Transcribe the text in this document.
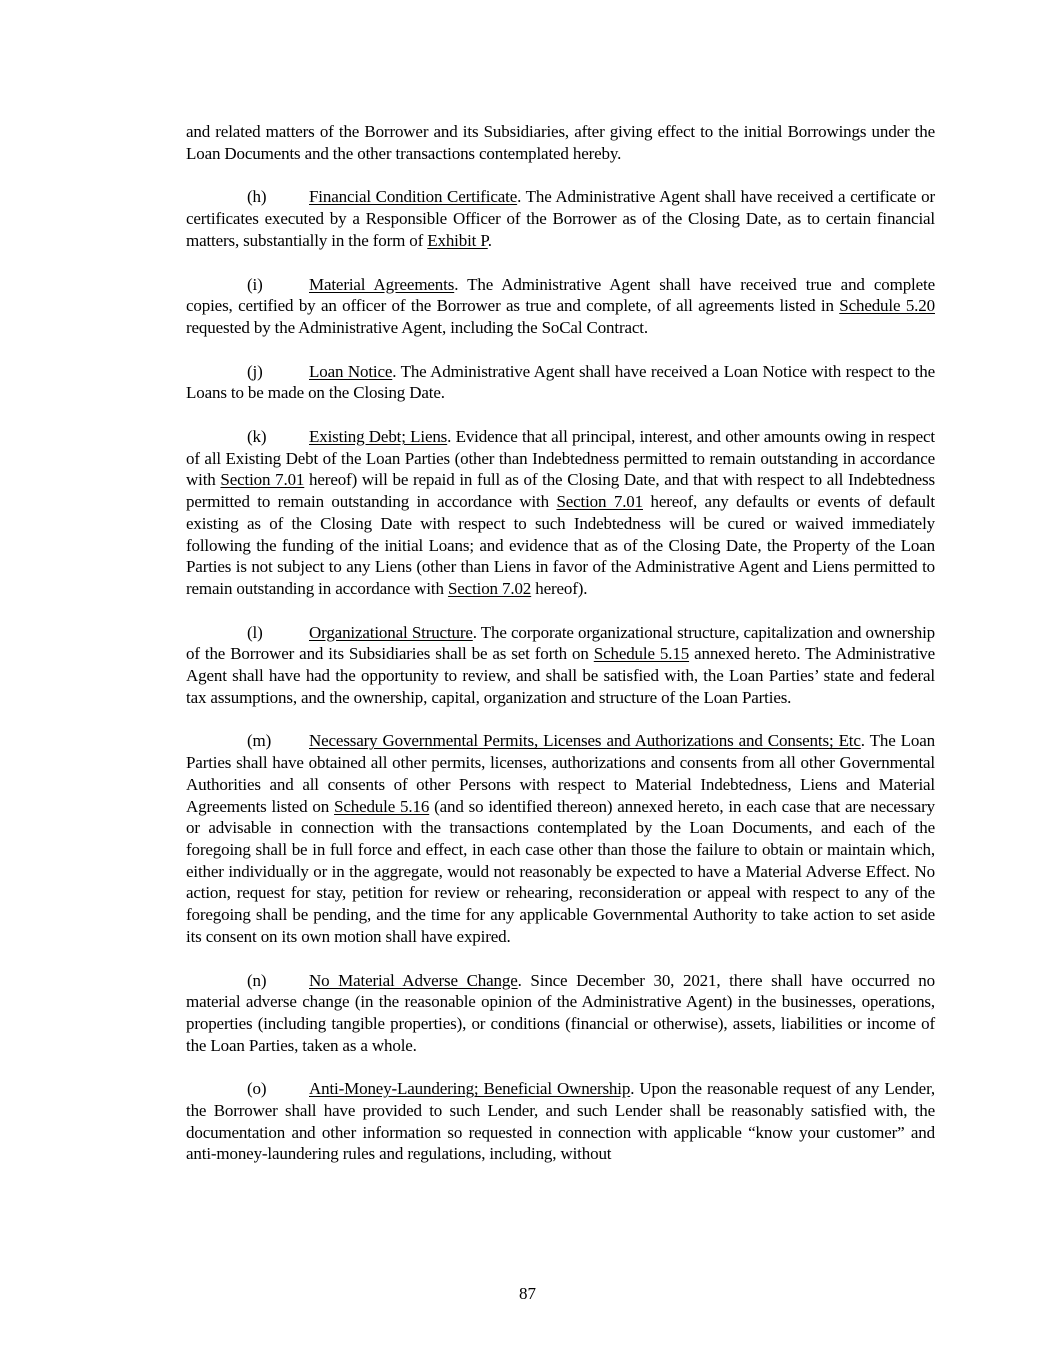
and related matters of the Borrower and its Subsidiaries, after giving effect to the initial Borrowings under the Loan Documents and the other transactions contemplated hereby.

(h)	Financial Condition Certificate. The Administrative Agent shall have received a certificate or certificates executed by a Responsible Officer of the Borrower as of the Closing Date, as to certain financial matters, substantially in the form of Exhibit P.

(i)	Material Agreements. The Administrative Agent shall have received true and complete copies, certified by an officer of the Borrower as true and complete, of all agreements listed in Schedule 5.20 requested by the Administrative Agent, including the SoCal Contract.

(j)	Loan Notice. The Administrative Agent shall have received a Loan Notice with respect to the Loans to be made on the Closing Date.

(k)	Existing Debt; Liens. Evidence that all principal, interest, and other amounts owing in respect of all Existing Debt of the Loan Parties (other than Indebtedness permitted to remain outstanding in accordance with Section 7.01 hereof) will be repaid in full as of the Closing Date, and that with respect to all Indebtedness permitted to remain outstanding in accordance with Section 7.01 hereof, any defaults or events of default existing as of the Closing Date with respect to such Indebtedness will be cured or waived immediately following the funding of the initial Loans; and evidence that as of the Closing Date, the Property of the Loan Parties is not subject to any Liens (other than Liens in favor of the Administrative Agent and Liens permitted to remain outstanding in accordance with Section 7.02 hereof).

(l)	Organizational Structure. The corporate organizational structure, capitalization and ownership of the Borrower and its Subsidiaries shall be as set forth on Schedule 5.15 annexed hereto. The Administrative Agent shall have had the opportunity to review, and shall be satisfied with, the Loan Parties’ state and federal tax assumptions, and the ownership, capital, organization and structure of the Loan Parties.

(m) Necessary Governmental Permits, Licenses and Authorizations and Consents; Etc. The Loan Parties shall have obtained all other permits, licenses, authorizations and consents from all other Governmental Authorities and all consents of other Persons with respect to Material Indebtedness, Liens and Material Agreements listed on Schedule 5.16 (and so identified thereon) annexed hereto, in each case that are necessary or advisable in connection with the transactions contemplated by the Loan Documents, and each of the foregoing shall be in full force and effect, in each case other than those the failure to obtain or maintain which, either individually or in the aggregate, would not reasonably be expected to have a Material Adverse Effect. No action, request for stay, petition for review or rehearing, reconsideration or appeal with respect to any of the foregoing shall be pending, and the time for any applicable Governmental Authority to take action to set aside its consent on its own motion shall have expired.

(n)	No Material Adverse Change. Since December 30, 2021, there shall have occurred no material adverse change (in the reasonable opinion of the Administrative Agent) in the businesses, operations, properties (including tangible properties), or conditions (financial or otherwise), assets, liabilities or income of the Loan Parties, taken as a whole.

(o)	Anti-Money-Laundering; Beneficial Ownership. Upon the reasonable request of any Lender, the Borrower shall have provided to such Lender, and such Lender shall be reasonably satisfied with, the documentation and other information so requested in connection with applicable “know your customer” and anti-money-laundering rules and regulations, including, without

87
